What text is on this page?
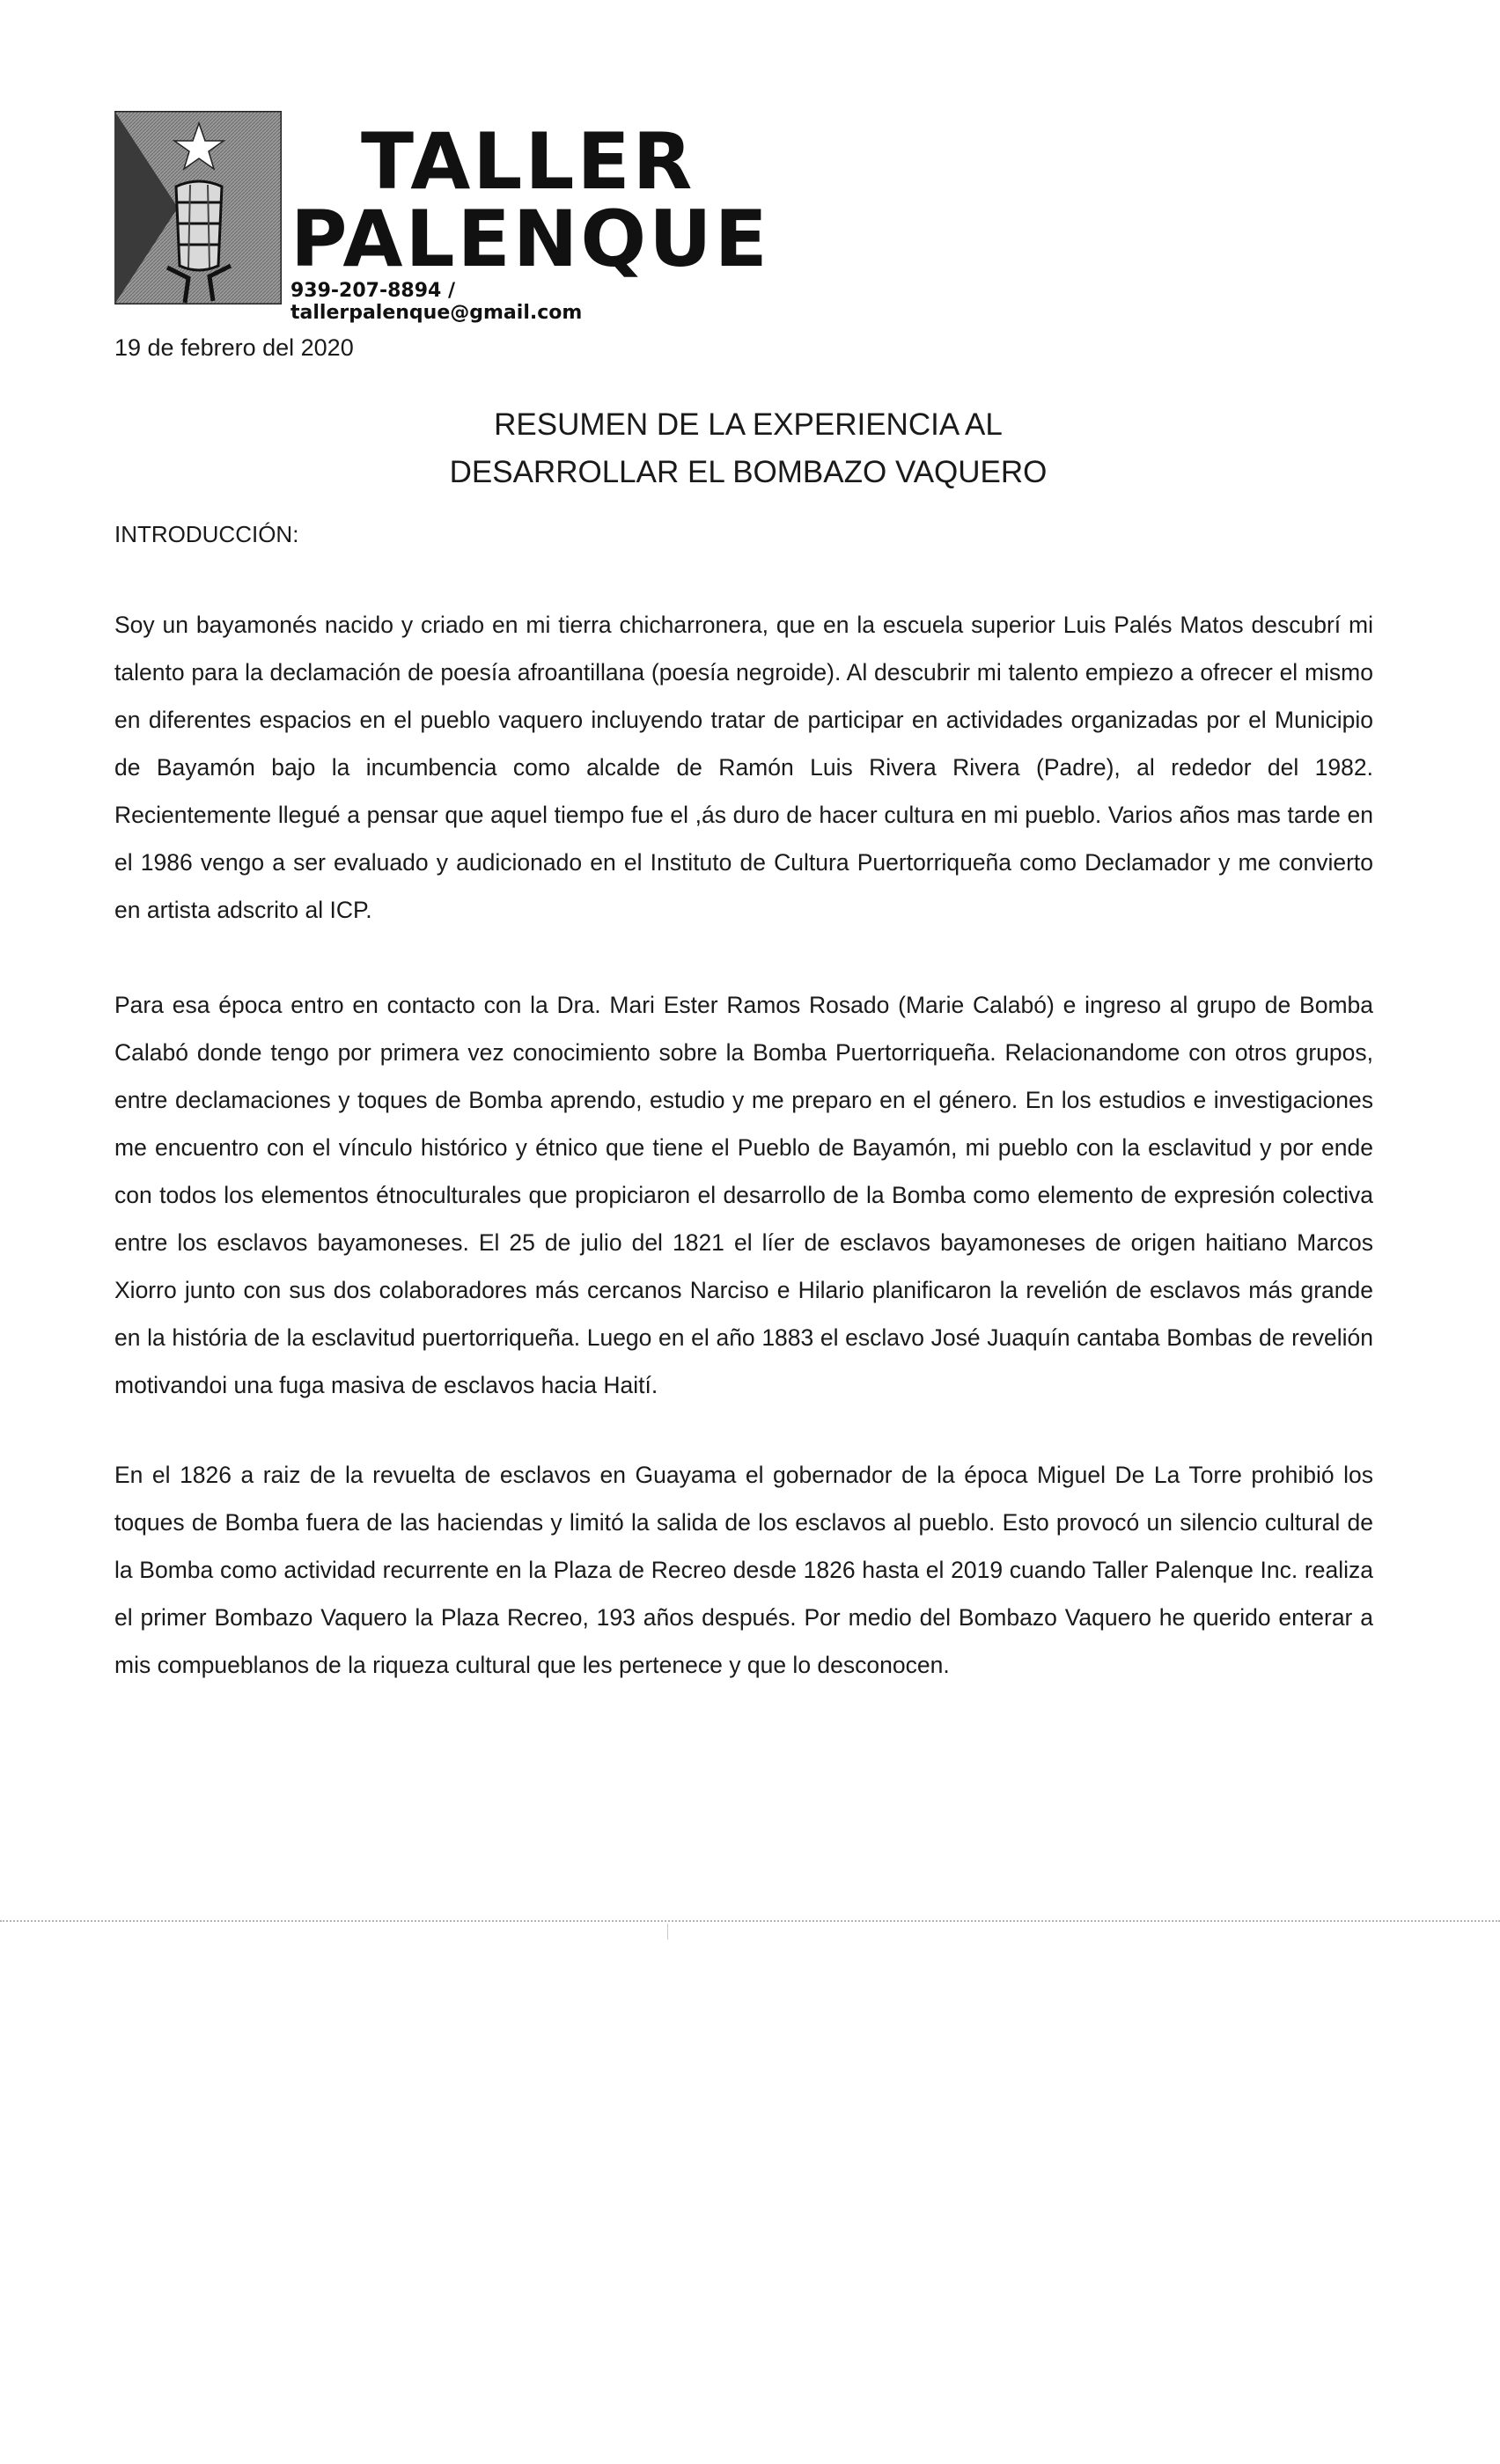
TALLER
PALENQUE
939-207-8894 / tallerpalenque@gmail.com
19 de febrero del 2020
RESUMEN DE LA EXPERIENCIA AL
DESARROLLAR EL BOMBAZO VAQUERO
INTRODUCCIÓN:

Soy un bayamonés nacido y criado en mi tierra chicharronera, que en la escuela superior Luis Palés Matos descubrí mi talento para la declamación de poesía afroantillana (poesía negroide). Al descubrir mi talento empiezo a ofrecer el mismo en diferentes espacios en el pueblo vaquero incluyendo tratar de participar en actividades organizadas por el Municipio de Bayamón bajo la incumbencia como alcalde de Ramón Luis Rivera Rivera (Padre), al rededor del 1982. Recientemente llegué a pensar que aquel tiempo fue el ,ás duro de hacer cultura en mi pueblo. Varios años mas tarde en el 1986 vengo a ser evaluado y audicionado en el Instituto de Cultura Puertorriqueña como Declamador y me convierto en artista adscrito al ICP.

Para esa época entro en contacto con la Dra. Mari Ester Ramos Rosado (Marie Calabó) e ingreso al grupo de Bomba Calabó donde tengo por primera vez conocimiento sobre la Bomba Puertorriqueña. Relacionandome con otros grupos, entre declamaciones y toques de Bomba aprendo, estudio y me preparo en el género. En los estudios e investigaciones me encuentro con el vínculo histórico y étnico que tiene el Pueblo de Bayamón, mi pueblo con la esclavitud y por ende con todos los elementos étnoculturales que propiciaron el desarrollo de la Bomba como elemento de expresión colectiva entre los esclavos bayamoneses. El 25 de julio del 1821 el líer de esclavos bayamoneses de origen haitiano Marcos Xiorro junto con sus dos colaboradores más cercanos Narciso e Hilario planificaron la revelión de esclavos más grande en la história de la esclavitud puertorriqueña. Luego en el año 1883 el esclavo José Juaquín cantaba Bombas de revelión motivandoi una fuga masiva de esclavos hacia Haití.

En el 1826 a raiz de la revuelta de esclavos en Guayama el gobernador de la época Miguel De La Torre prohibió los toques de Bomba fuera de las haciendas y limitó la salida de los esclavos al pueblo. Esto provocó un silencio cultural de la Bomba como actividad recurrente en la Plaza de Recreo desde 1826 hasta el 2019 cuando Taller Palenque Inc. realiza el primer Bombazo Vaquero la Plaza Recreo, 193 años después. Por medio del Bombazo Vaquero he querido enterar a mis compueblanos de la riqueza cultural que les pertenece y que lo desconocen.
